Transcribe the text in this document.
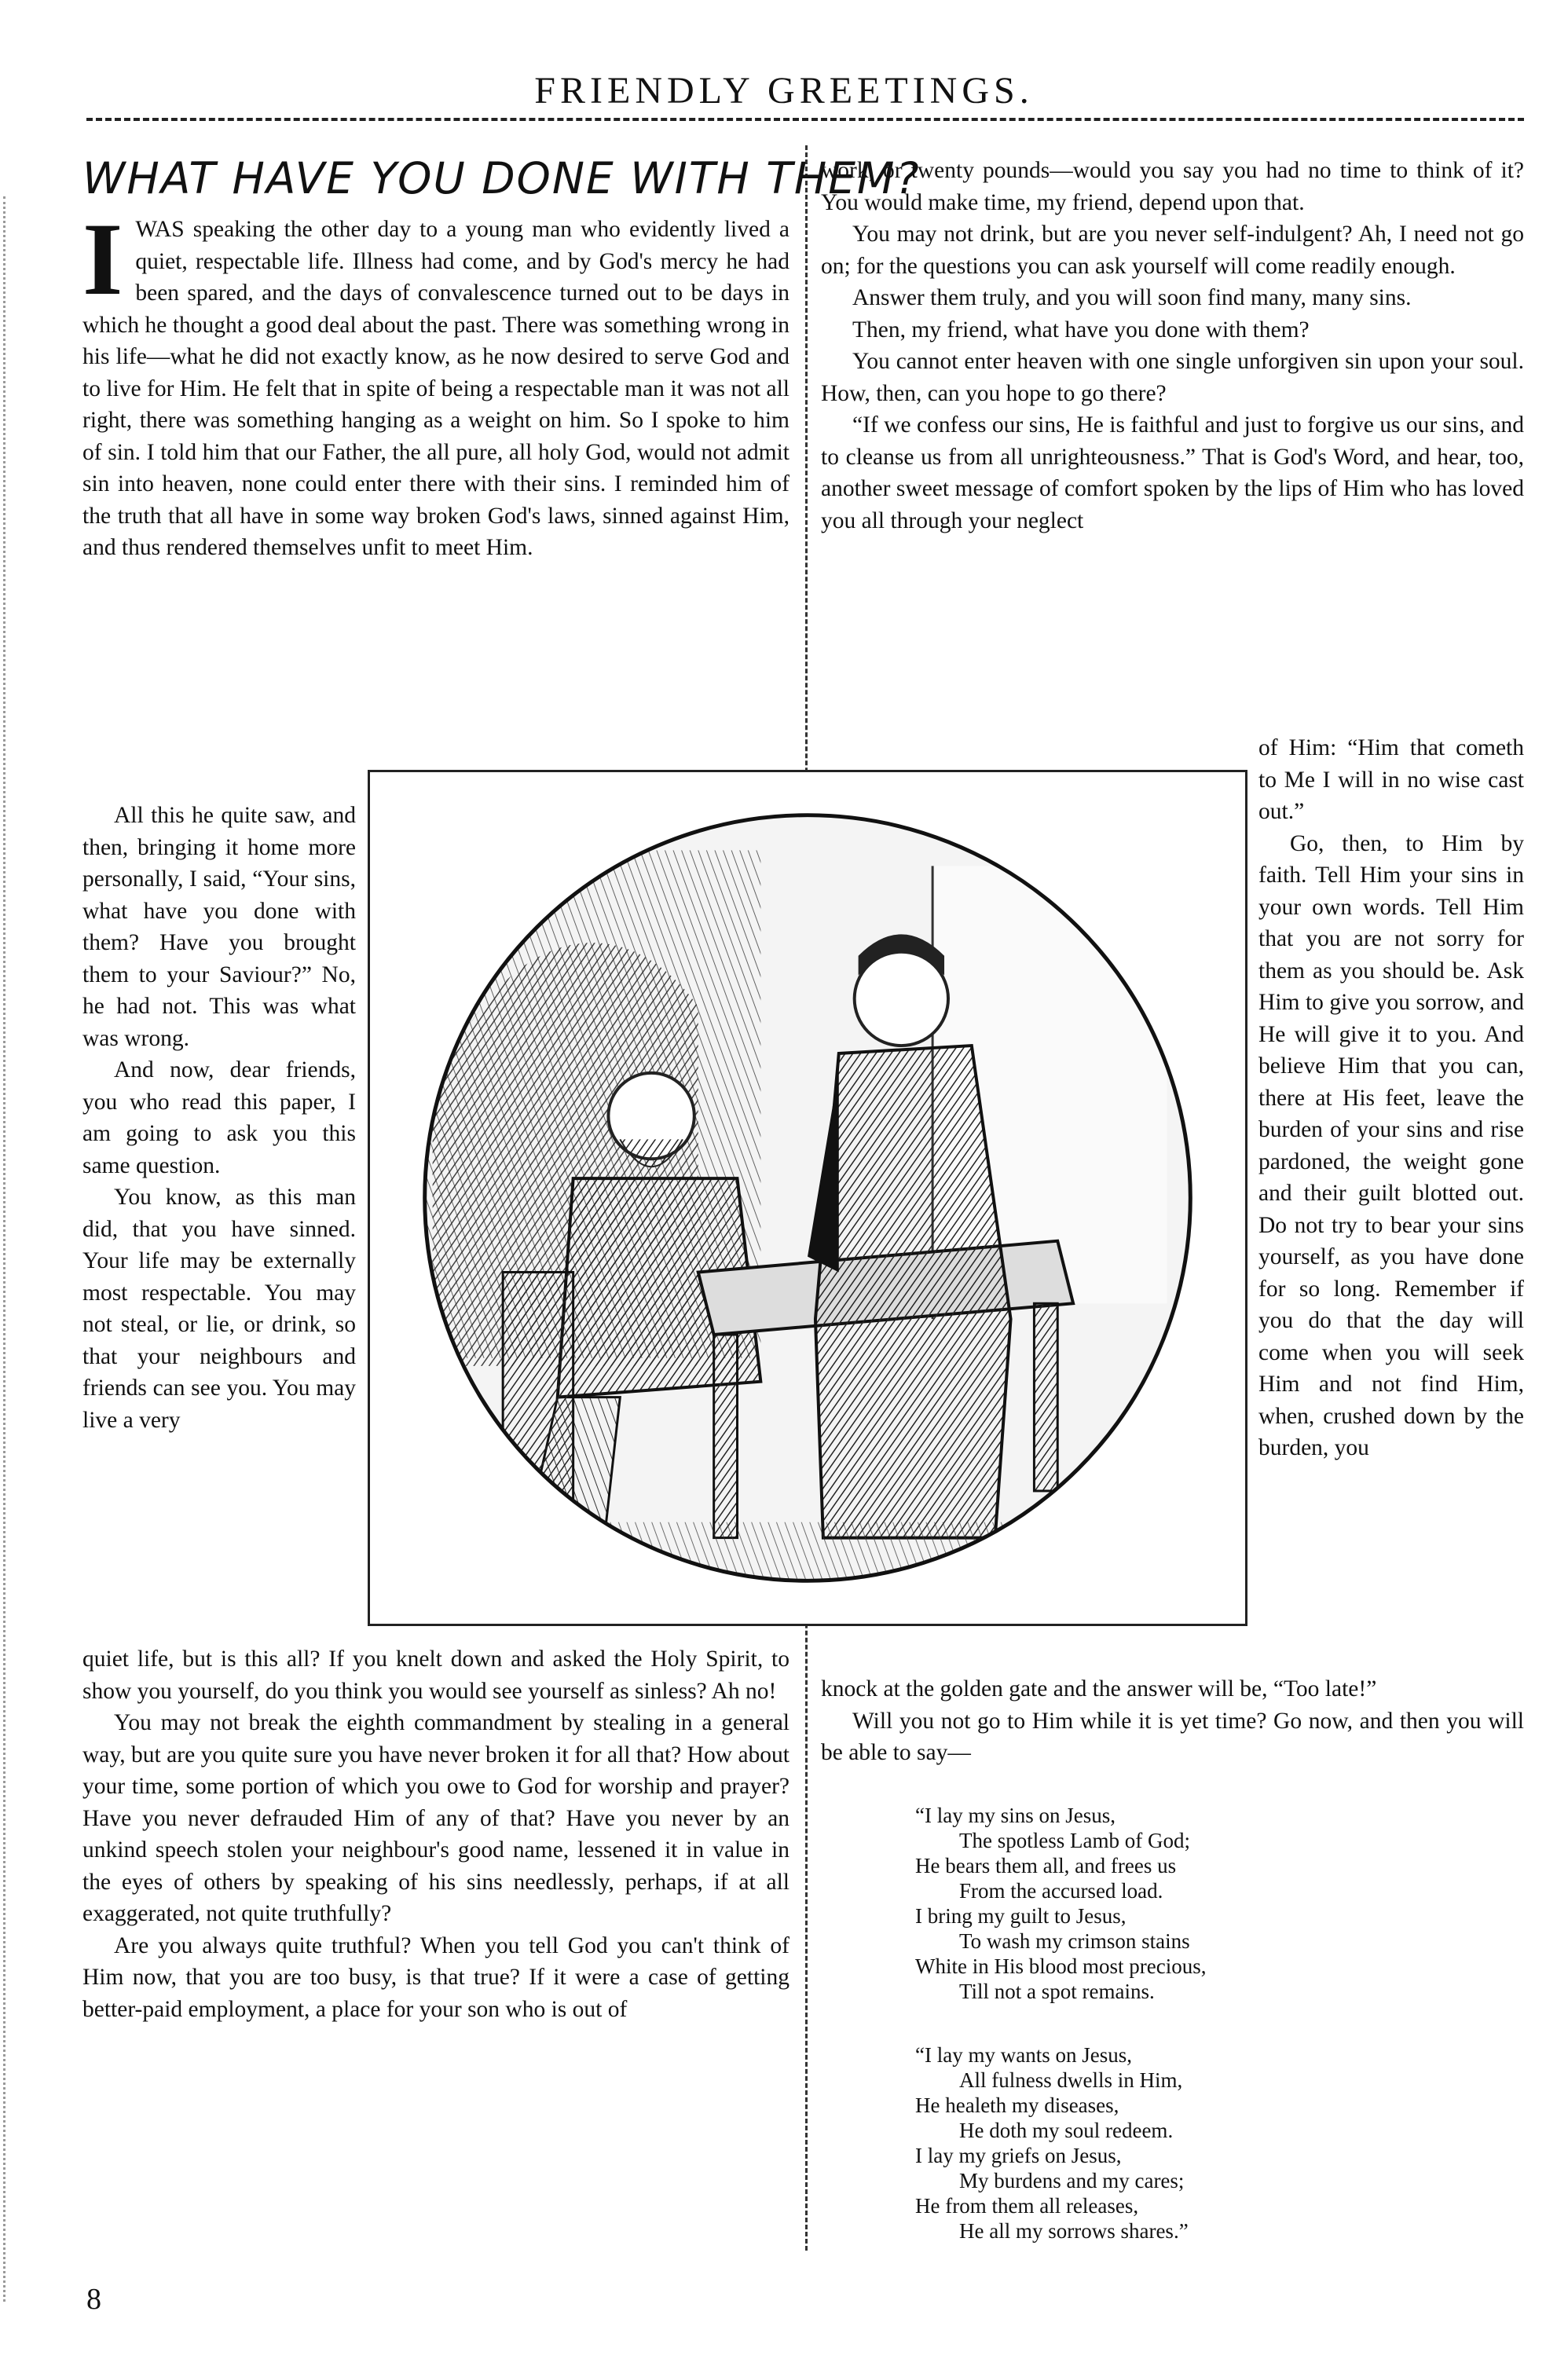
FRIENDLY GREETINGS.
WHAT HAVE YOU DONE WITH THEM?

IWAS speaking the other day to a young man who evidently lived a quiet, respectable life. Illness had come, and by God's mercy he had been spared, and the days of convalescence turned out to be days in which he thought a good deal about the past. There was something wrong in his life—what he did not exactly know, as he now desired to serve God and to live for Him. He felt that in spite of being a respectable man it was not all right, there was something hanging as a weight on him. So I spoke to him of sin. I told him that our Father, the all pure, all holy God, would not admit sin into heaven, none could enter there with their sins. I reminded him of the truth that all have in some way broken God's laws, sinned against Him, and thus rendered themselves unfit to meet Him.

All this he quite saw, and then, bringing it home more personally, I said, “Your sins, what have you done with them? Have you brought them to your Saviour?” No, he had not. This was what was wrong.

And now, dear friends, you who read this paper, I am going to ask you this same question.

You know, as this man did, that you have sinned. Your life may be externally most respectable. You may not steal, or lie, or drink, so that your neighbours and friends can see you. You may live a very

quiet life, but is this all? If you knelt down and asked the Holy Spirit, to show you yourself, do you think you would see yourself as sinless? Ah no!

You may not break the eighth commandment by stealing in a general way, but are you quite sure you have never broken it for all that? How about your time, some portion of which you owe to God for worship and prayer? Have you never defrauded Him of any of that? Have you never by an unkind speech stolen your neighbour's good name, lessened it in value in the eyes of others by speaking of his sins needlessly, perhaps, if at all exaggerated, not quite truthfully?

Are you always quite truthful? When you tell God you can't think of Him now, that you are too busy, is that true? If it were a case of getting better-paid employment, a place for your son who is out of

work, or twenty pounds—would you say you had no time to think of it? You would make time, my friend, depend upon that.

You may not drink, but are you never self-indulgent? Ah, I need not go on; for the questions you can ask yourself will come readily enough.

Answer them truly, and you will soon find many, many sins.

Then, my friend, what have you done with them?

You cannot enter heaven with one single unforgiven sin upon your soul. How, then, can you hope to go there?

“If we confess our sins, He is faithful and just to forgive us our sins, and to cleanse us from all unrighteousness.” That is God's Word, and hear, too, another sweet message of comfort spoken by the lips of Him who has loved you all through your neglect

of Him: “Him that cometh to Me I will in no wise cast out.”

Go, then, to Him by faith. Tell Him your sins in your own words. Tell Him that you are not sorry for them as you should be. Ask Him to give you sorrow, and He will give it to you. And believe Him that you can, there at His feet, leave the burden of your sins and rise pardoned, the weight gone and their guilt blotted out. Do not try to bear your sins yourself, as you have done for so long. Remember if you do that the day will come when you will seek Him and not find Him, when, crushed down by the burden, you

knock at the golden gate and the answer will be, “Too late!”

Will you not go to Him while it is yet time? Go now, and then you will be able to say—

“I lay my sins on Jesus,
The spotless Lamb of God;
He bears them all, and frees us
From the accursed load.
I bring my guilt to Jesus,
To wash my crimson stains
White in His blood most precious,
Till not a spot remains.
“I lay my wants on Jesus,
All fulness dwells in Him,
He healeth my diseases,
He doth my soul redeem.
I lay my griefs on Jesus,
My burdens and my cares;
He from them all releases,
He all my sorrows shares.”
8
